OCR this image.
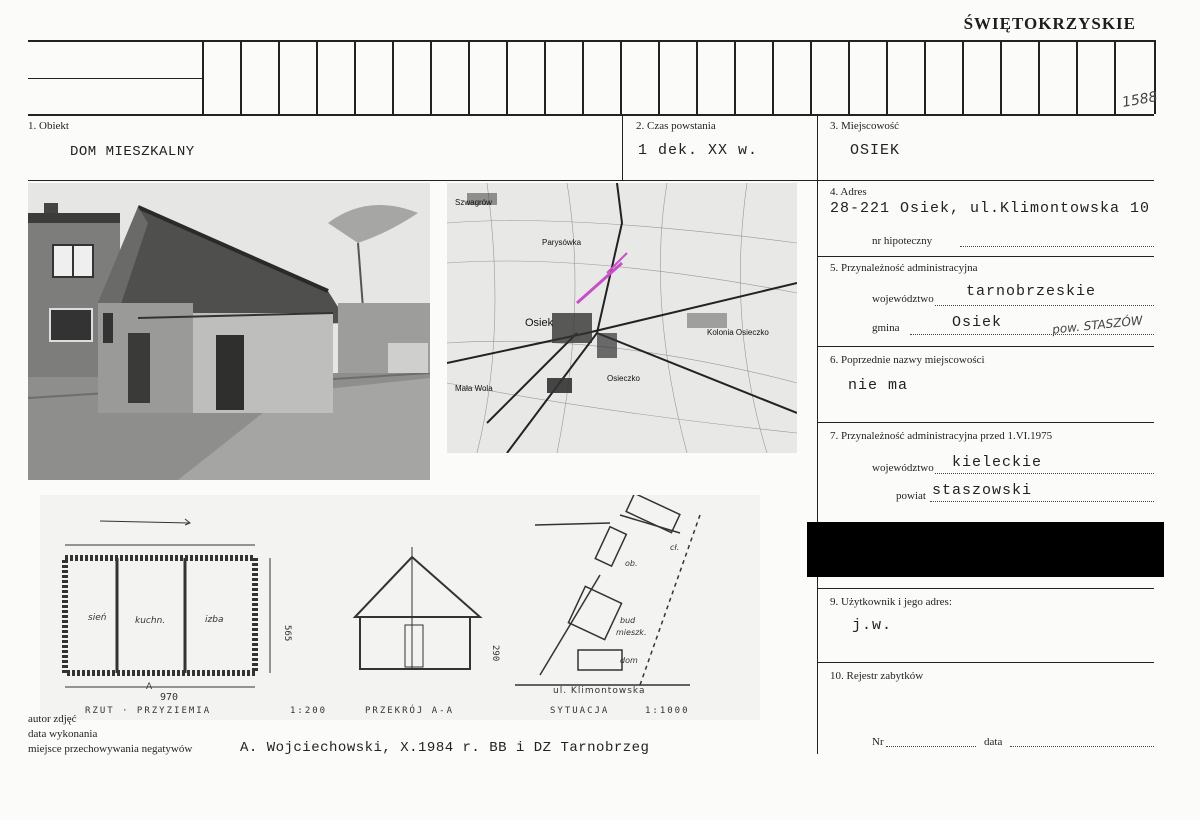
ŚWIĘTOKRZYSKIE
1588
1. Obiekt
DOM MIESZKALNY
2. Czas powstania
1 dek. XX w.
3. Miejscowość
OSIEK
Osiek
Kolonia Osieczko
Osieczko
Mała Wola
Parysówka
Szwagrów
4. Adres
28-221 Osiek, ul.Klimontowska 10
nr hipoteczny
5. Przynależność administracyjna
województwo tarnobrzeskie
gmina	Osiek	pow. STASZÓW
6. Poprzednie nazwy miejscowości
nie ma
7. Przynależność administracyjna przed 1.VI.1975
województwo kieleckie
powiat staszowski
9. Użytkownik i jego adres:
j.w.
10. Rejestr zabytków
Nr	data
sień	kuchn.	izba
970
565
A
RZUT · PRZYZIEMIA	1:200
290
PRZEKRÓJ A-A
cł.
ob.
bud
mieszk.
dom
ul. Klimontowska
SYTUACJA	1:1000
autor zdjęć
data wykonania
miejsce przechowywania negatywów	A. Wojciechowski, X.1984 r. BB i DZ Tarnobrzeg
